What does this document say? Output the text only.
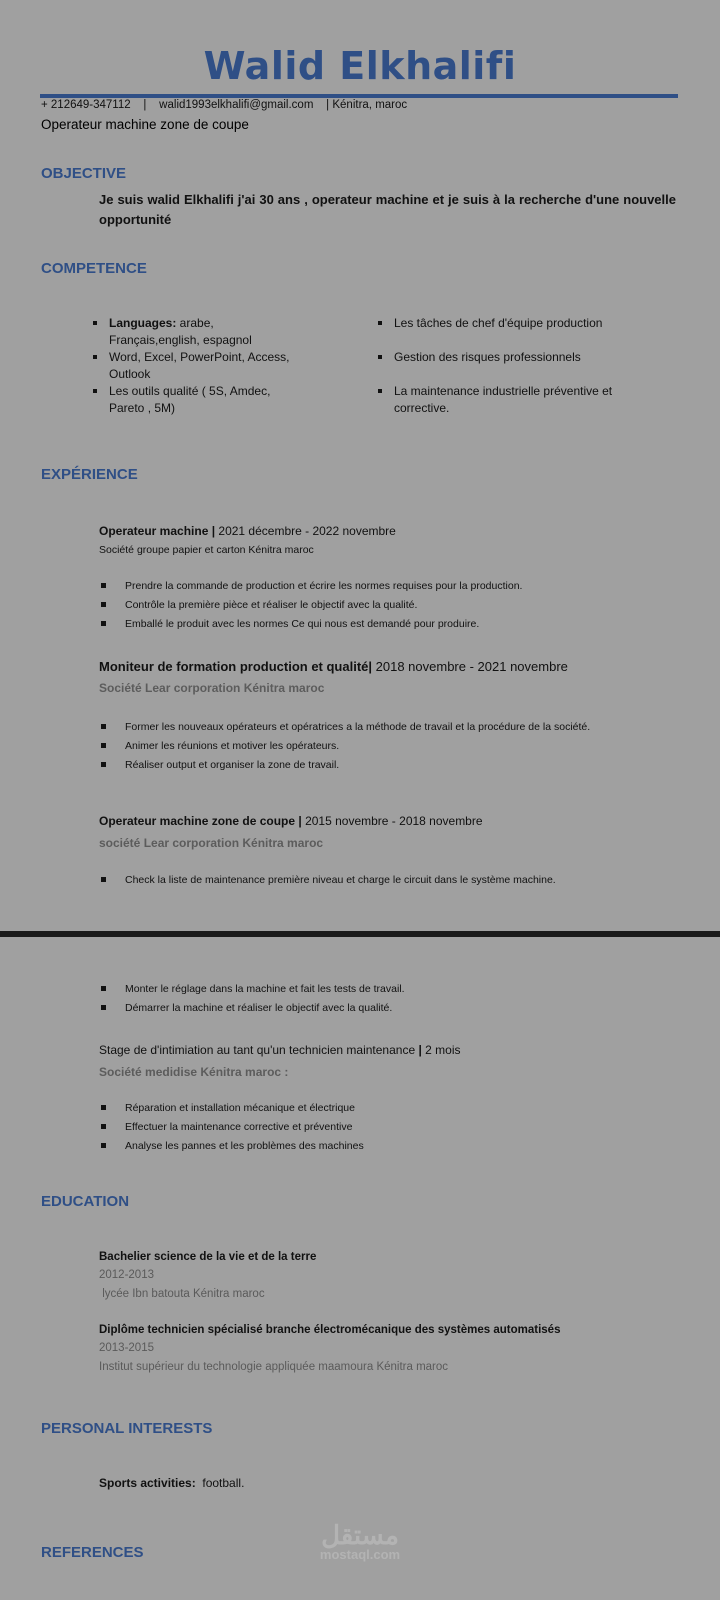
Walid Elkhalifi
+ 212649-347112    |    walid1993elkhalifi@gmail.com    | Kénitra, maroc
Operateur machine zone de coupe
OBJECTIVE
Je suis walid Elkhalifi j'ai 30 ans , operateur machine et je suis à la recherche d'une nouvelle opportunité
COMPETENCE
Languages: arabe, Français,english, espagnol
Word, Excel, PowerPoint, Access, Outlook
Les outils qualité ( 5S, Amdec, Pareto , 5M)
Les tâches de chef d'équipe production
Gestion des risques professionnels
La maintenance industrielle préventive et corrective.
EXPÉRIENCE
Operateur machine | 2021 décembre - 2022 novembre
Société groupe papier et carton Kénitra maroc
Prendre la commande de production et écrire les normes requises pour la production.
Contrôle la première pièce et réaliser le objectif avec la qualité.
Emballé le produit avec les normes Ce qui nous est demandé pour produire.
Moniteur de formation production et qualité| 2018 novembre - 2021 novembre
Société Lear corporation Kénitra maroc
Former les nouveaux opérateurs et opératrices a la méthode de travail et la procédure de la société.
Animer les réunions et motiver les opérateurs.
Réaliser output et organiser la zone de travail.
Operateur machine zone de coupe | 2015 novembre - 2018 novembre
société Lear corporation Kénitra maroc
Check la liste de maintenance première niveau et charge le circuit dans le système machine.
Monter le réglage dans la machine et fait les tests de travail.
Démarrer la machine et réaliser le objectif avec la qualité.
Stage de d'intimiation au tant qu'un technicien maintenance | 2 mois
Société medidise Kénitra maroc :
Réparation et installation mécanique et électrique
Effectuer la maintenance corrective et préventive
Analyse les pannes et les problèmes des machines
EDUCATION
Bachelier science de la vie et de la terre
2012-2013
lycée Ibn batouta Kénitra maroc
Diplôme technicien spécialisé branche électromécanique des systèmes automatisés
2013-2015
Institut supérieur du technologie appliquée maamoura Kénitra maroc
PERSONAL INTERESTS
Sports activities:  football.
مستقل
mostaql.com
REFERENCES
